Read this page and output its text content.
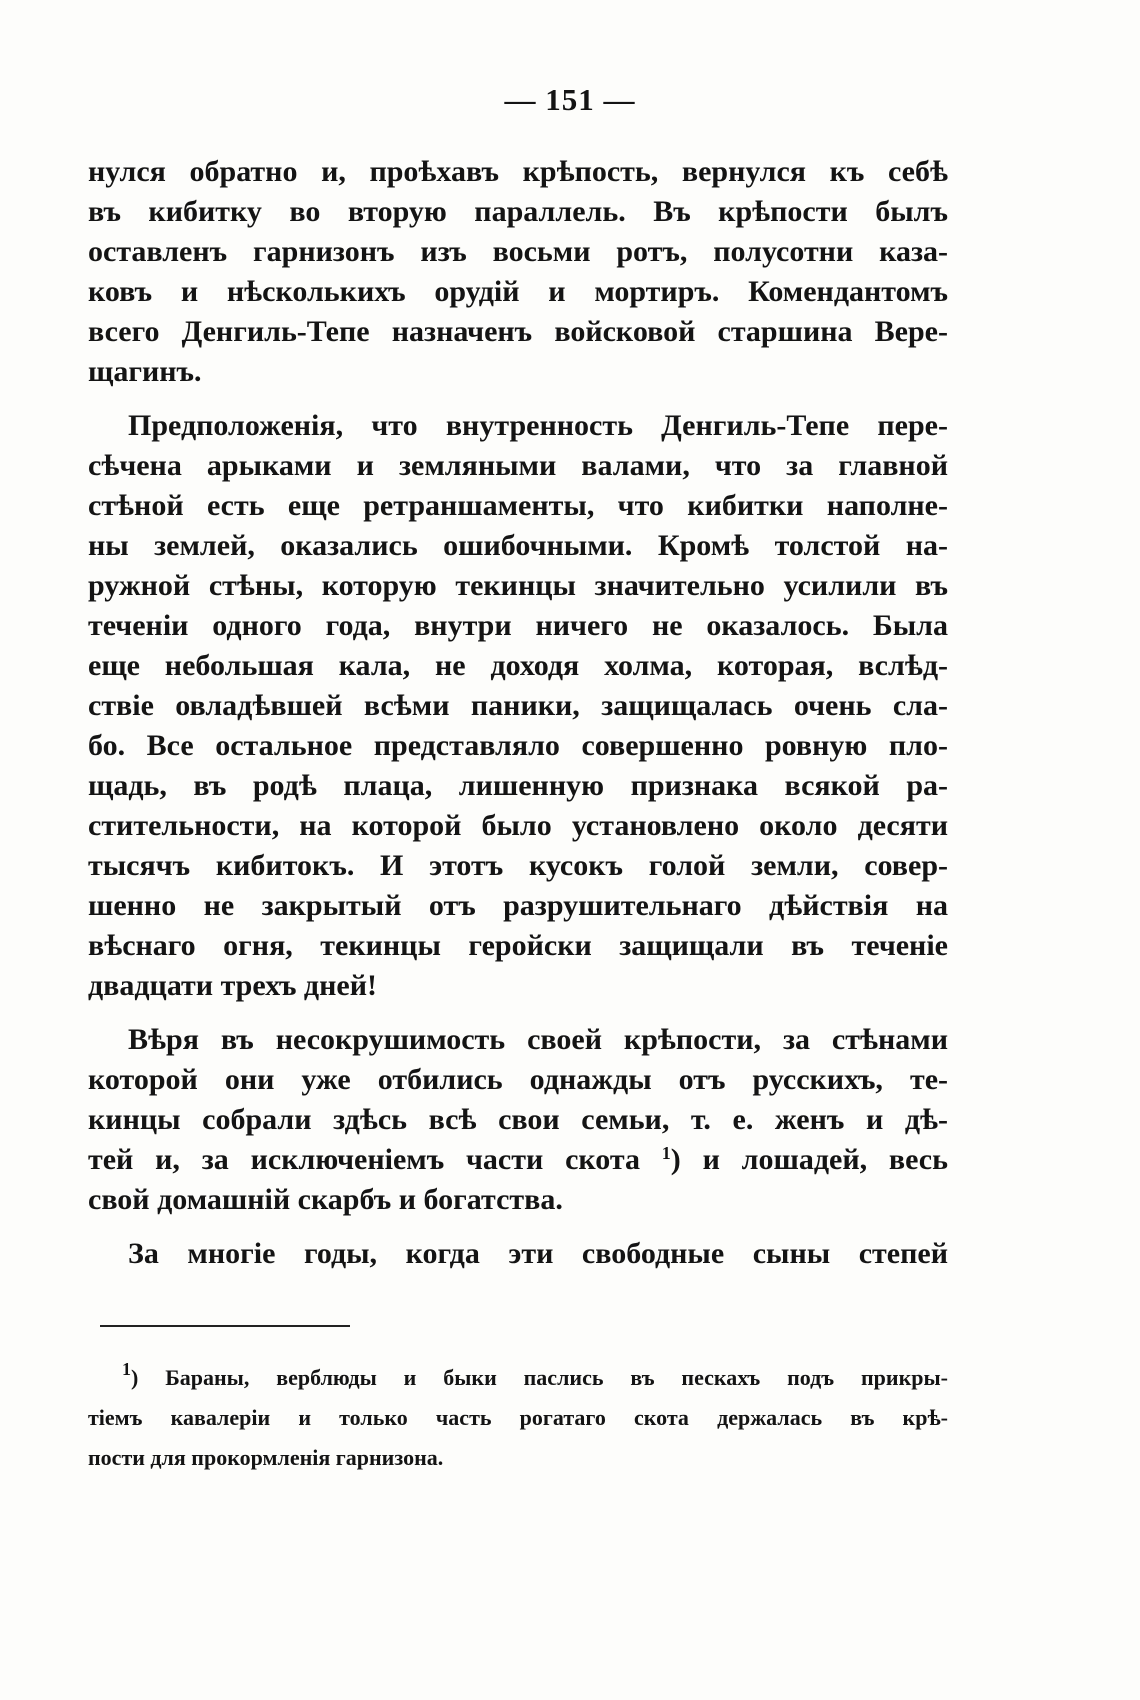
— 151 —
нулся обратно и, проѣхавъ крѣпость, вернулся къ себѣ
въ кибитку во вторую параллель. Въ крѣпости былъ
оставленъ гарнизонъ изъ восьми ротъ, полусотни каза-
ковъ и нѣсколькихъ орудій и мортиръ. Комендантомъ
всего Денгиль-Тепе назначенъ войсковой старшина Вере-
щагинъ.
Предположенія, что внутренность Денгиль-Тепе пере-
сѣчена арыками и земляными валами, что за главной
стѣной есть еще ретраншаменты, что кибитки наполне-
ны землей, оказались ошибочными. Кромѣ толстой на-
ружной стѣны, которую текинцы значительно усилили въ
теченіи одного года, внутри ничего не оказалось. Была
еще небольшая кала, не доходя холма, которая, вслѣд-
ствіе овладѣвшей всѣми паники, защищалась очень сла-
бо. Все остальное представляло совершенно ровную пло-
щадь, въ родѣ плаца, лишенную признака всякой ра-
стительности, на которой было установлено около десяти
тысячъ кибитокъ. И этотъ кусокъ голой земли, совер-
шенно не закрытый отъ разрушительнаго дѣйствія на
вѣснаго огня, текинцы геройски защищали въ теченіе
двадцати трехъ дней!
Вѣря въ несокрушимость своей крѣпости, за стѣнами
которой они уже отбились однажды отъ русскихъ, те-
кинцы собрали здѣсь всѣ свои семьи, т. е. женъ и дѣ-
тей и, за исключеніемъ части скота $^1$) и лошадей, весь
свой домашній скарбъ и богатства.
За многіе годы, когда эти свободные сыны степей
$^1$) Бараны, верблюды и быки паслись въ пескахъ подъ прикры-
тіемъ кавалеріи и только часть рогатаго скота держалась въ крѣ-
пости для прокормленія гарнизона.
